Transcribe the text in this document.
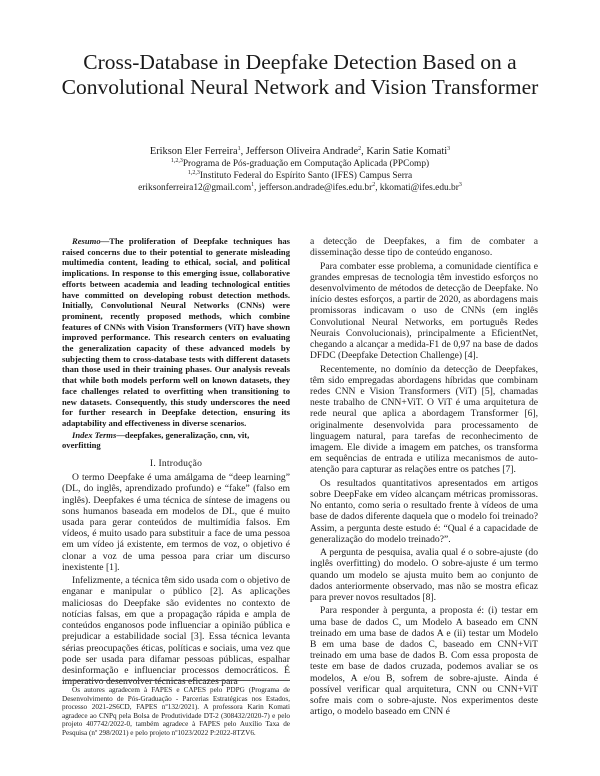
Cross-Database in Deepfake Detection Based on a Convolutional Neural Network and Vision Transformer
Erikson Eler Ferreira$^1$, Jefferson Oliveira Andrade$^2$, Karin Satie Komati$^3$
$^{1,2,3}$Programa de Pós-graduação em Computação Aplicada (PPComp)
$^{1,2,3}$Instituto Federal do Espírito Santo (IFES) Campus Serra
eriksonferreira12@gmail.com$^1$, $jefferson.andrade@ifes.edu.br^2$, $kkomati@ifes.edu.br^3$
Resumo—The proliferation of Deepfake techniques has raised concerns due to their potential to generate misleading multimedia content, leading to ethical, social, and political implications. In response to this emerging issue, collaborative efforts between academia and leading technological entities have committed on developing robust detection methods. Initially, Convolutional Neural Networks (CNNs) were prominent, recently proposed methods, which combine features of CNNs with Vision Transformers (ViT) have shown improved performance. This research centers on evaluating the generalization capacity of these advanced models by subjecting them to cross-database tests with different datasets than those used in their training phases. Our analysis reveals that while both models perform well on known datasets, they face challenges related to overfitting when transitioning to new datasets. Consequently, this study underscores the need for further research in Deepfake detection, ensuring its adaptability and effectiveness in diverse scenarios.
Index Terms—deepfakes, generalização, cnn, vit, overfitting
I. Introdução

O termo Deepfake é uma amálgama de “deep learning” (DL, do inglês, aprendizado profundo) e “fake” (falso em inglês). Deepfakes é uma técnica de síntese de imagens ou sons humanos baseada em modelos de DL, que é muito usada para gerar conteúdos de multimídia falsos. Em vídeos, é muito usado para substituir a face de uma pessoa em um vídeo já existente, em termos de voz, o objetivo é clonar a voz de uma pessoa para criar um discurso inexistente [1].

Infelizmente, a técnica têm sido usada com o objetivo de enganar e manipular o público [2]. As aplicações maliciosas do Deepfake são evidentes no contexto de notícias falsas, em que a propagação rápida e ampla de conteúdos enganosos pode influenciar a opinião pública e prejudicar a estabilidade social [3]. Essa técnica levanta sérias preocupações éticas, políticas e sociais, uma vez que pode ser usada para difamar pessoas públicas, espalhar desinformação e influenciar processos democráticos. É imperativo desenvolver técnicas eficazes para

a detecção de Deepfakes, a fim de combater a disseminação desse tipo de conteúdo enganoso.

Para combater esse problema, a comunidade científica e grandes empresas de tecnologia têm investido esforços no desenvolvimento de métodos de detecção de Deepfake. No início destes esforços, a partir de 2020, as abordagens mais promissoras indicavam o uso de CNNs (em inglês Convolutional Neural Networks, em português Redes Neurais Convolucionais), principalmente a EficientNet, chegando a alcançar a medida-F1 de 0,97 na base de dados DFDC (Deepfake Detection Challenge) [4].

Recentemente, no domínio da detecção de Deepfakes, têm sido empregadas abordagens híbridas que combinam redes CNN e Vision Transformers (ViT) [5], chamadas neste trabalho de CNN+ViT. O ViT é uma arquitetura de rede neural que aplica a abordagem Transformer [6], originalmente desenvolvida para processamento de linguagem natural, para tarefas de reconhecimento de imagem. Ele divide a imagem em patches, os transforma em sequências de entrada e utiliza mecanismos de auto-atenção para capturar as relações entre os patches [7].

Os resultados quantitativos apresentados em artigos sobre DeepFake em vídeo alcançam métricas promissoras. No entanto, como seria o resultado frente à vídeos de uma base de dados diferente daquela que o modelo foi treinado? Assim, a pergunta deste estudo é: “Qual é a capacidade de generalização do modelo treinado?”.

A pergunta de pesquisa, avalia qual é o sobre-ajuste (do inglês overfitting) do modelo. O sobre-ajuste é um termo quando um modelo se ajusta muito bem ao conjunto de dados anteriormente observado, mas não se mostra eficaz para prever novos resultados [8].

Para responder à pergunta, a proposta é: (i) testar em uma base de dados C, um Modelo A baseado em CNN treinado em uma base de dados A e (ii) testar um Modelo B em uma base de dados C, baseado em CNN+ViT treinado em uma base de dados B. Com essa proposta de teste em base de dados cruzada, podemos avaliar se os modelos, A e/ou B, sofrem de sobre-ajuste. Ainda é possível verificar qual arquitetura, CNN ou CNN+ViT sofre mais com o sobre-ajuste. Nos experimentos deste artigo, o modelo baseado em CNN é

Os autores agradecem à FAPES e CAPES pelo PDPG (Programa de Desenvolvimento de Pós-Graduação - Parcerias Estratégicas nos Estados, processo 2021-2S6CD, FAPES nº132/2021). A professora Karin Komati agradece ao CNPq pela Bolsa de Produtividade DT-2 (308432/2020-7) e pelo projeto 407742/2022-0, também agradece à FAPES pelo Auxílio Taxa de Pesquisa (nº 298/2021) e pelo projeto nº1023/2022 P:2022-8TZV6.
